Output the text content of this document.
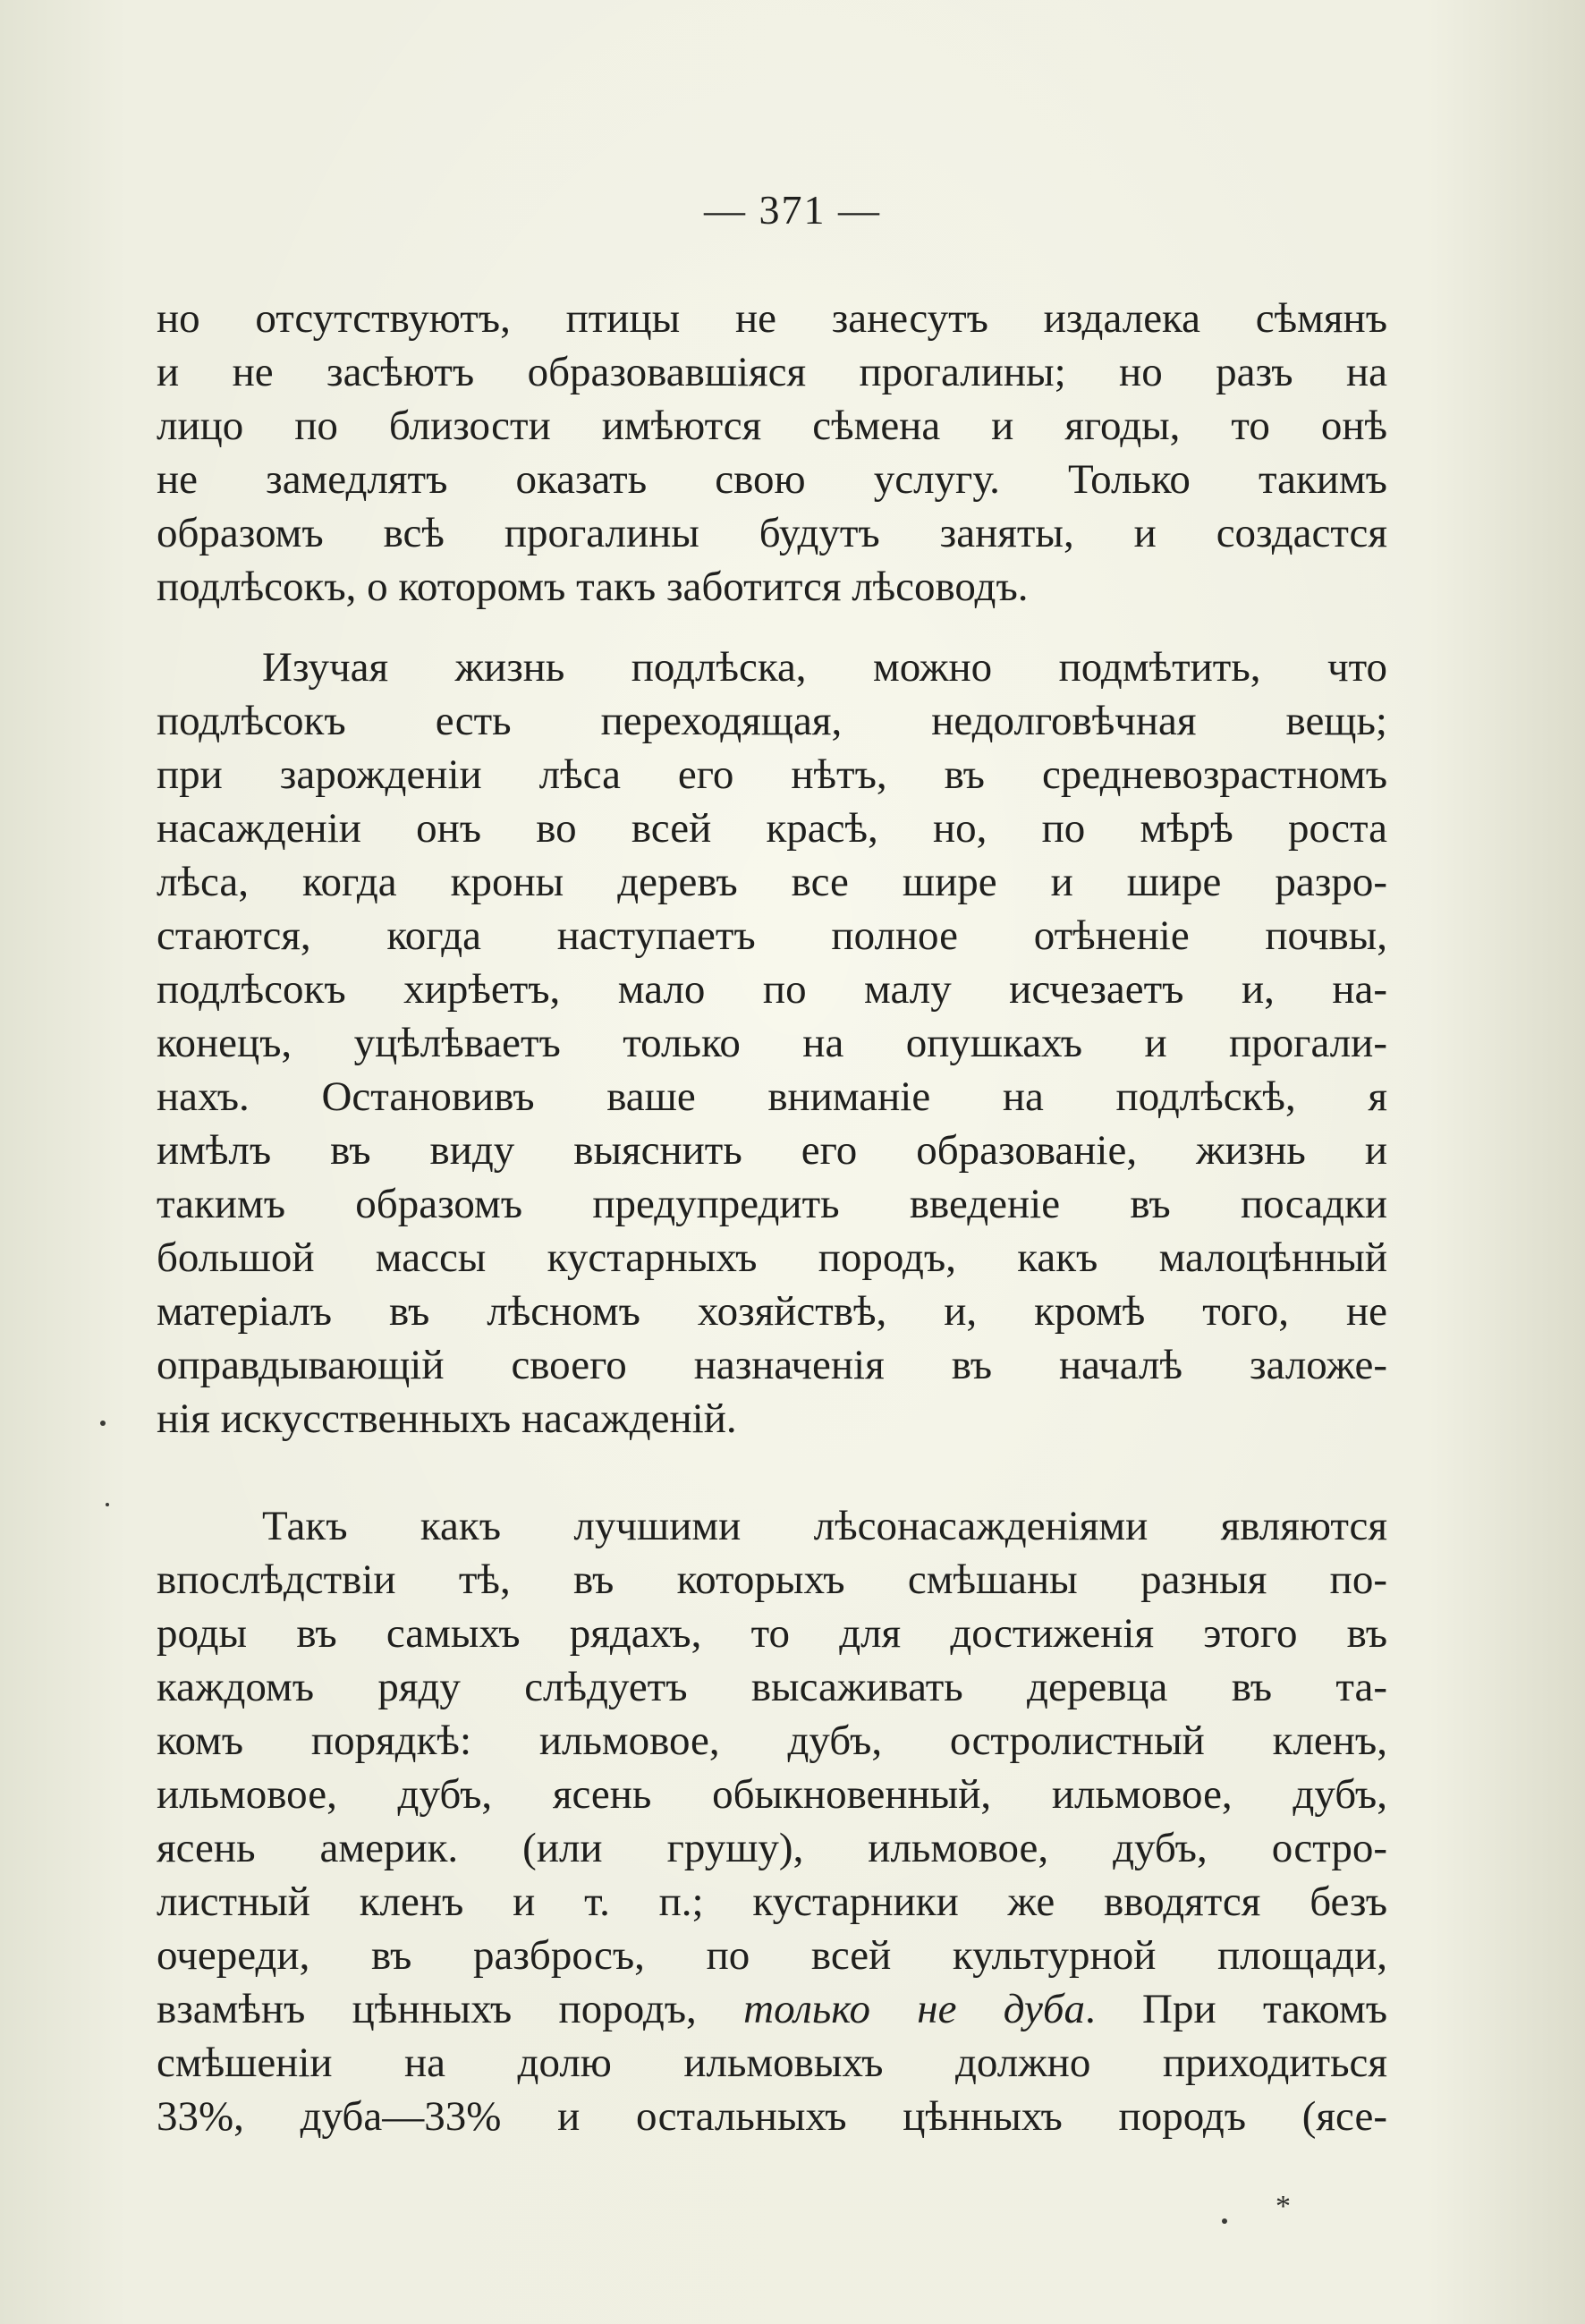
— 371 —
но отсутствуютъ, птицы не занесутъ издалека сѣмянъ
и не засѣютъ образовавшiяся прогалины; но разъ на
лицо по близости имѣются сѣмена и ягоды, то онѣ
не замедлятъ оказать свою услугу. Только такимъ
образомъ всѣ прогалины будутъ заняты, и создастся
подлѣсокъ, о которомъ такъ заботится лѣсоводъ.
Изучая жизнь подлѣска, можно подмѣтить, что
подлѣсокъ есть переходящая, недолговѣчная вещь;
при зарожденiи лѣса его нѣтъ, въ средневозрастномъ
насажденiи онъ во всей красѣ, но, по мѣрѣ роста
лѣса, когда кроны деревъ все шире и шире разро-
стаются, когда наступаетъ полное отѣненiе почвы,
подлѣсокъ хирѣетъ, мало по малу исчезаетъ и, на-
конецъ, уцѣлѣваетъ только на опушкахъ и прогали-
нахъ. Остановивъ ваше вниманiе на подлѣскѣ, я
имѣлъ въ виду выяснить его образованiе, жизнь и
такимъ образомъ предупредить введенiе въ посадки
большой массы кустарныхъ породъ, какъ малоцѣнный
матерiалъ въ лѣсномъ хозяйствѣ, и, кромѣ того, не
оправдывающiй своего назначенiя въ началѣ заложе-
нiя искусственныхъ насажденiй.
Такъ какъ лучшими лѣсонасажденiями являются
впослѣдствiи тѣ, въ которыхъ смѣшаны разныя по-
роды въ самыхъ рядахъ, то для достиженiя этого въ
каждомъ ряду слѣдуетъ высаживать деревца въ та-
комъ порядкѣ: ильмовое, дубъ, остролистный кленъ,
ильмовое, дубъ, ясень обыкновенный, ильмовое, дубъ,
ясень америк. (или грушу), ильмовое, дубъ, остро-
листный кленъ и т. п.; кустарники же вводятся безъ
очереди, въ разбросъ, по всей культурной площади,
взамѣнъ цѣнныхъ породъ, только не дуба. При такомъ
смѣшенiи на долю ильмовыхъ должно приходиться
33%, дуба—33% и остальныхъ цѣнныхъ породъ (ясе-
*
